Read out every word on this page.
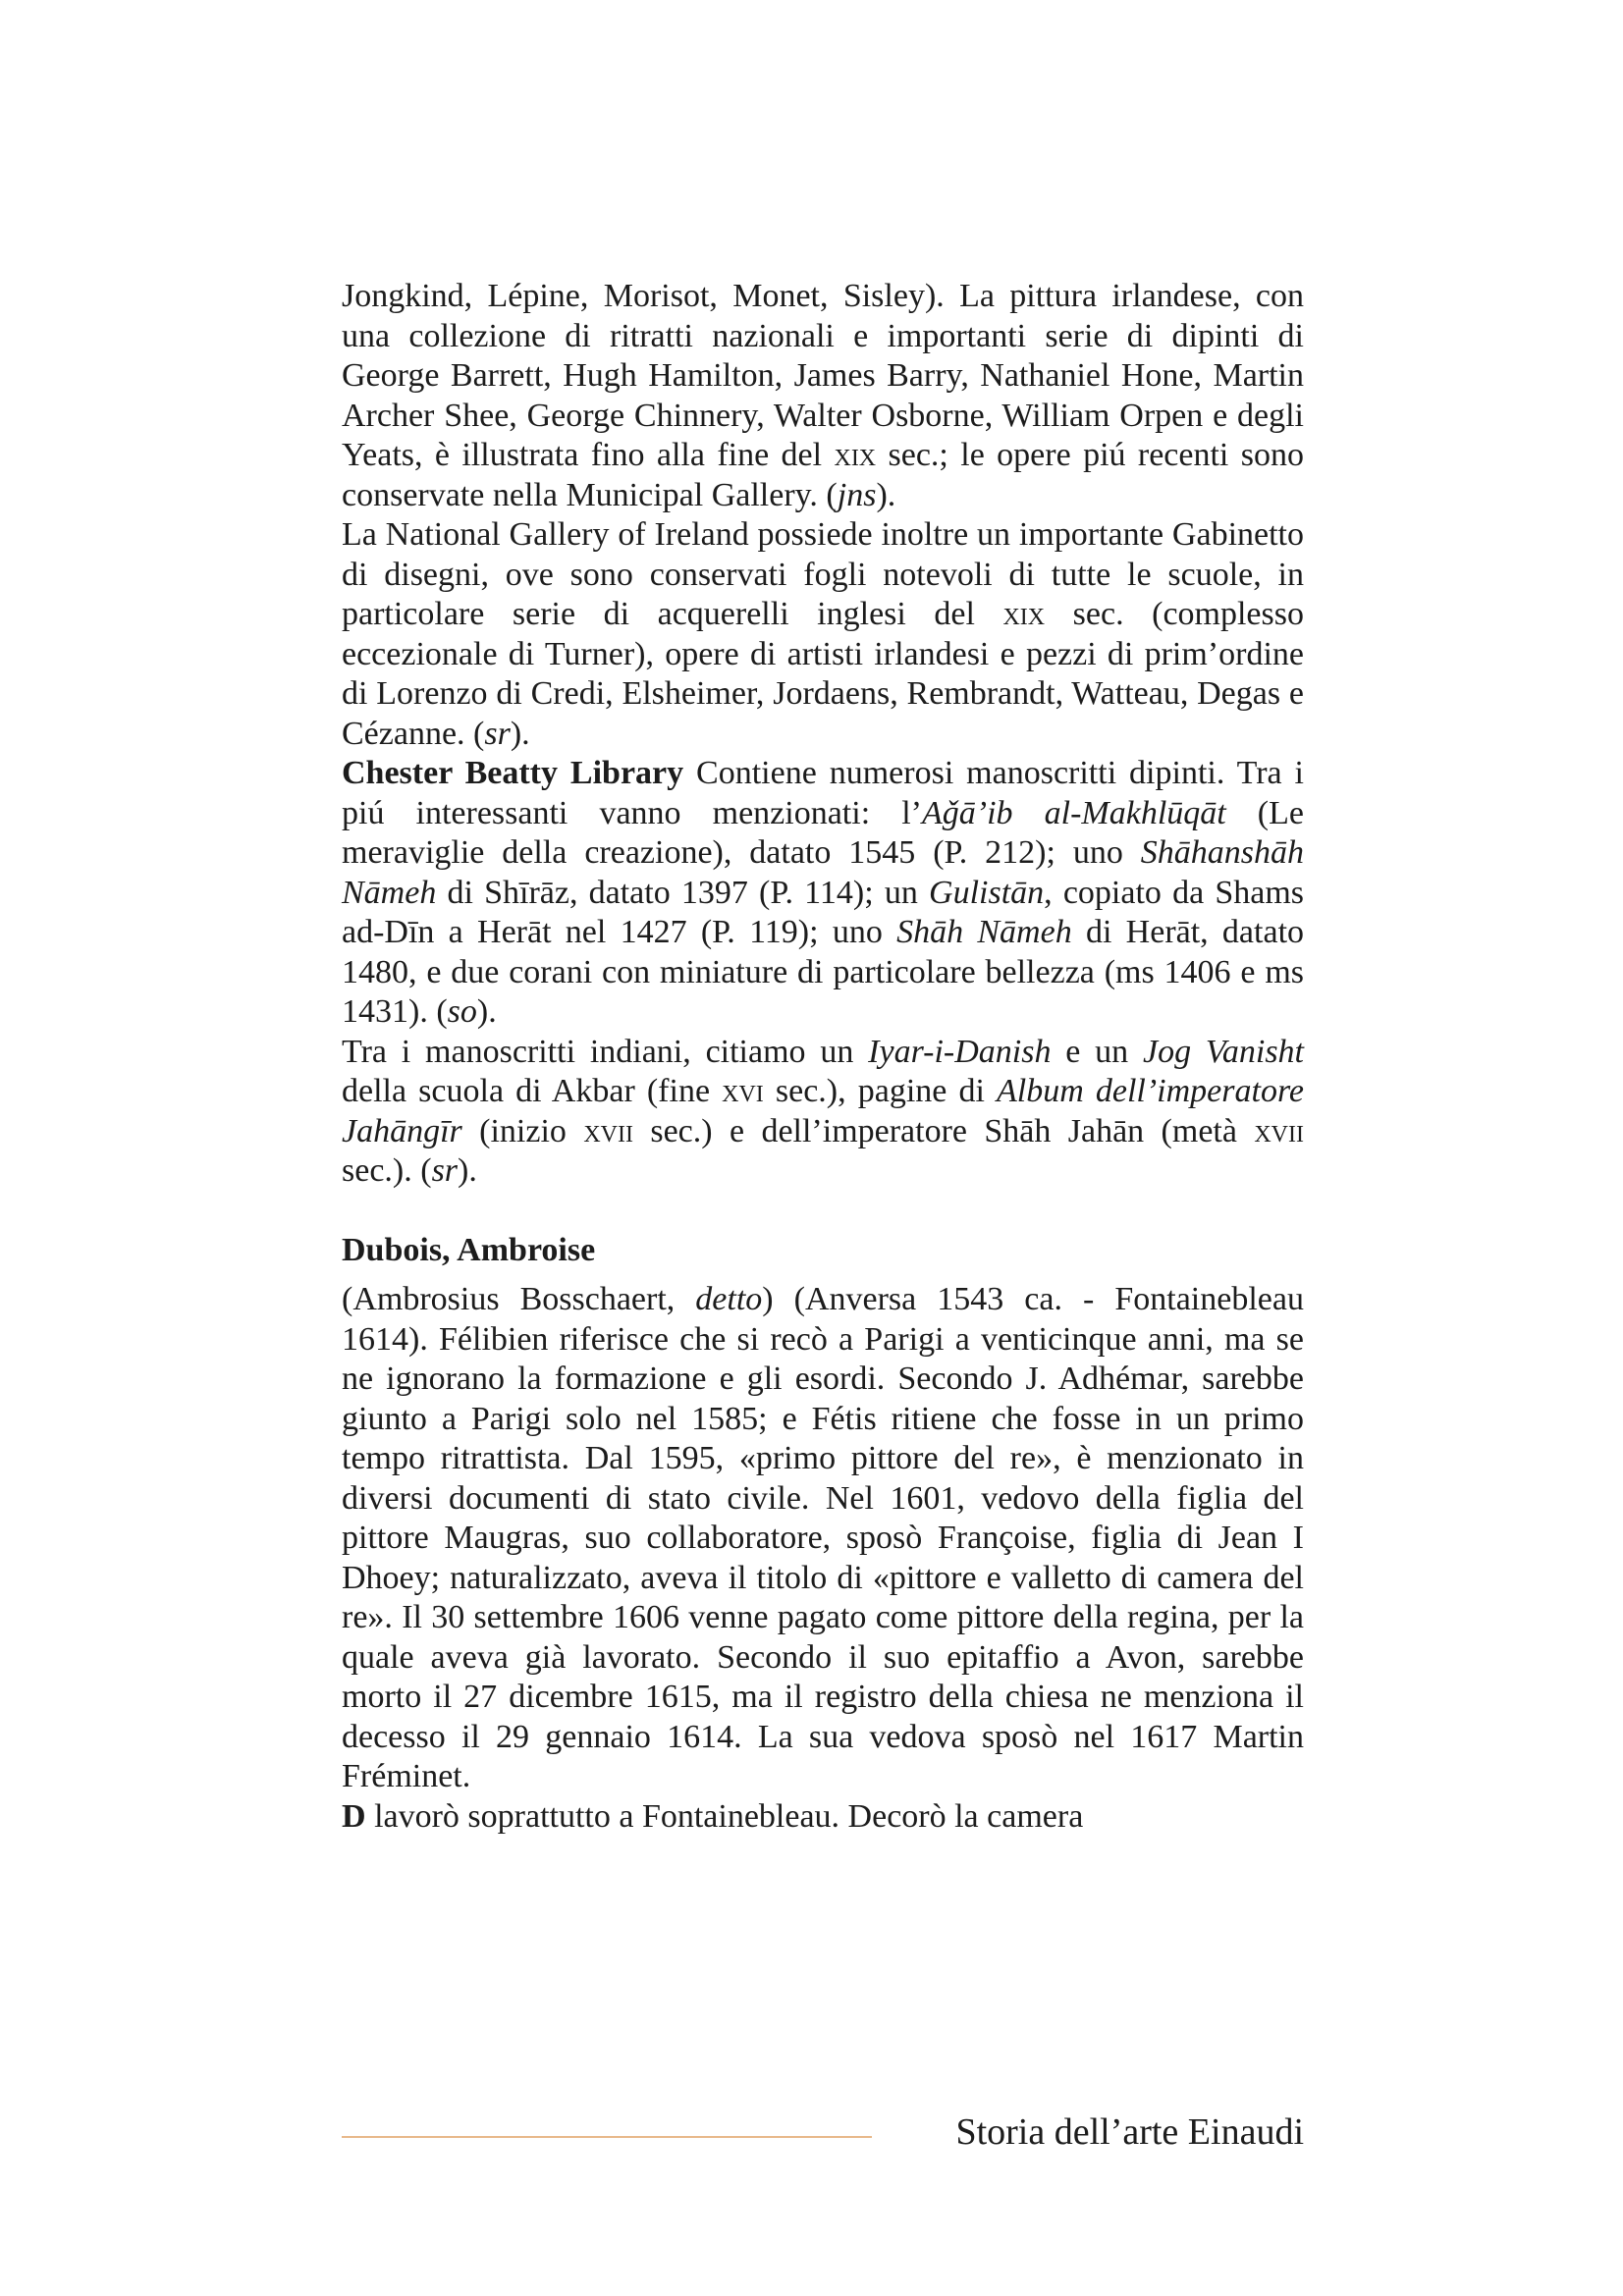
Jongkind, Lépine, Morisot, Monet, Sisley). La pittura irlandese, con una collezione di ritratti nazionali e importanti serie di dipinti di George Barrett, Hugh Hamilton, James Barry, Nathaniel Hone, Martin Archer Shee, George Chinnery, Walter Osborne, William Orpen e degli Yeats, è illustrata fino alla fine del xix sec.; le opere piú recenti sono conservate nella Municipal Gallery. (jns).

La National Gallery of Ireland possiede inoltre un importante Gabinetto di disegni, ove sono conservati fogli notevoli di tutte le scuole, in particolare serie di acquerelli inglesi del xix sec. (complesso eccezionale di Turner), opere di artisti irlandesi e pezzi di prim’ordine di Lorenzo di Credi, Elsheimer, Jordaens, Rembrandt, Watteau, Degas e Cézanne. (sr).

Chester Beatty Library Contiene numerosi manoscritti dipinti. Tra i piú interessanti vanno menzionati: l’Aǧā’ib al-Makhlūqāt (Le meraviglie della creazione), datato 1545 (P. 212); uno Shāhanshāh Nāmeh di Shīrāz, datato 1397 (P. 114); un Gulistān, copiato da Shams ad-Dīn a Herāt nel 1427 (P. 119); uno Shāh Nāmeh di Herāt, datato 1480, e due corani con miniature di particolare bellezza (ms 1406 e ms 1431). (so).

Tra i manoscritti indiani, citiamo un Iyar-i-Danish e un Jog Vanisht della scuola di Akbar (fine xvi sec.), pagine di Album dell’imperatore Jahāngīr (inizio xvii sec.) e dell’imperatore Shāh Jahān (metà xvii sec.). (sr).

Dubois, Ambroise

(Ambrosius Bosschaert, detto) (Anversa 1543 ca. - Fontainebleau 1614). Félibien riferisce che si recò a Parigi a venticinque anni, ma se ne ignorano la formazione e gli esordi. Secondo J. Adhémar, sarebbe giunto a Parigi solo nel 1585; e Fétis ritiene che fosse in un primo tempo ritrattista. Dal 1595, «primo pittore del re», è menzionato in diversi documenti di stato civile. Nel 1601, vedovo della figlia del pittore Maugras, suo collaboratore, sposò Françoise, figlia di Jean I Dhoey; naturalizzato, aveva il titolo di «pittore e valletto di camera del re». Il 30 settembre 1606 venne pagato come pittore della regina, per la quale aveva già lavorato. Secondo il suo epitaffio a Avon, sarebbe morto il 27 dicembre 1615, ma il registro della chiesa ne menziona il decesso il 29 gennaio 1614. La sua vedova sposò nel 1617 Martin Fréminet.

D lavorò soprattutto a Fontainebleau. Decorò la camera

Storia dell’arte Einaudi
